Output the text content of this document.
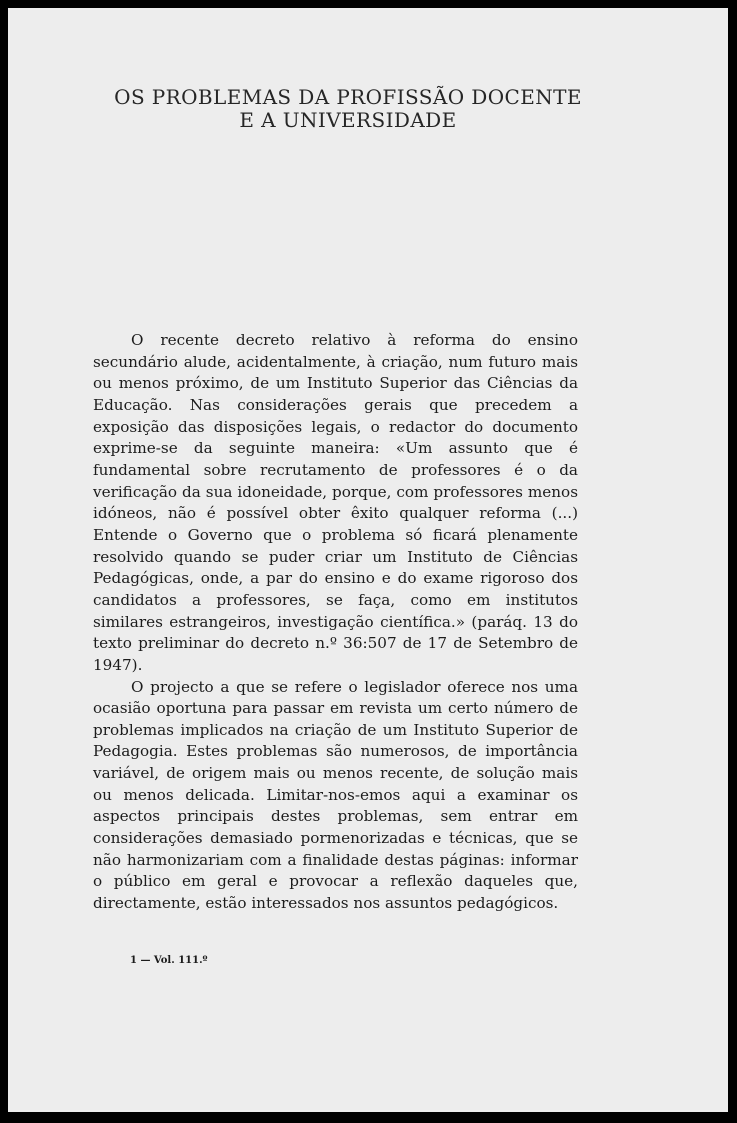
OS PROBLEMAS DA PROFISSÃO DOCENTE
E A UNIVERSIDADE

O recente decreto relativo à reforma do ensino secundário alude, acidentalmente, à criação, num futuro mais ou menos próximo, de um Instituto Superior das Ciências da Educação. Nas considerações gerais que precedem a exposição das disposições legais, o redactor do documento exprime-se da seguinte maneira: «Um assunto que é fundamental sobre recrutamento de professores é o da verificação da sua idoneidade, porque, com professores menos idóneos, não é possível obter êxito qualquer reforma (...) Entende o Governo que o problema só ficará plenamente resolvido quando se puder criar um Instituto de Ciências Pedagógicas, onde, a par do ensino e do exame rigoroso dos candidatos a professores, se faça, como em institutos similares estrangeiros, investigação científica.» (paráq. 13 do texto preliminar do decreto n.º 36:507 de 17 de Setembro de 1947).

O projecto a que se refere o legislador oferece nos uma ocasião oportuna para passar em revista um certo número de problemas implicados na criação de um Instituto Superior de Pedagogia. Estes problemas são numerosos, de importância variável, de origem mais ou menos recente, de solução mais ou menos delicada. Limitar-nos-emos aqui a examinar os aspectos principais destes problemas, sem entrar em considerações demasiado pormenorizadas e técnicas, que se não harmonizariam com a finalidade destas páginas: informar o público em geral e provocar a reflexão daqueles que, directamente, estão interessados nos assuntos pedagógicos.

1 — Vol. 111.º
